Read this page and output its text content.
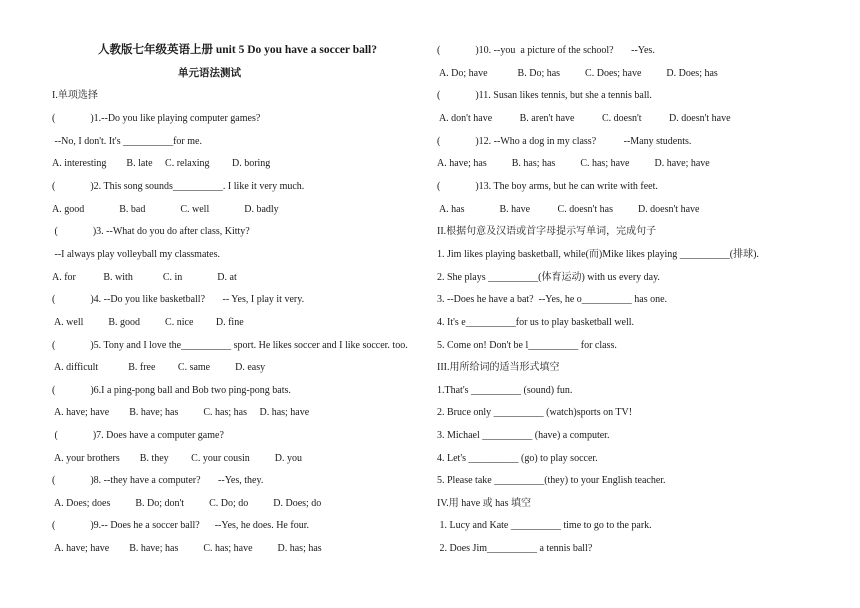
人教版七年级英语上册 unit 5 Do you have a soccer ball?
单元语法测试
I.单项选择
(              )1.--Do you like playing computer games?
--No, I don't. It's __________for me.
A. interesting        B. late     C. relaxing         D. boring
(              )2. This song sounds__________. I like it very much.
A. good              B. bad              C. well              D. badly
(              )3. --What do you do after class, Kitty?
--I always play volleyball my classmates.
A. for           B. with            C. in              D. at
(              )4. --Do you like basketball?       -- Yes, I play it very.
A. well          B. good          C. nice         D. fine
(              )5. Tony and I love the__________ sport. He likes soccer and I like soccer. too.
A. difficult            B. free         C. same          D. easy
(              )6.I a ping-pong ball and Bob two ping-pong bats.
A. have; have        B. have; has          C. has; has     D. has; have
(              )7. Does have a computer game?
A. your brothers        B. they         C. your cousin          D. you
(              )8. --they have a computer?       --Yes, they.
A. Does; does          B. Do; don't          C. Do; do          D. Does; do
(              )9.-- Does he a soccer ball?      --Yes, he does. He four.
A. have; have        B. have; has          C. has; have          D. has; has
(              )10. --you  a picture of the school?       --Yes.
A. Do; have            B. Do; has          C. Does; have          D. Does; has
(              )11. Susan likes tennis, but she a tennis ball.
A. don't have           B. aren't have           C. doesn't           D. doesn't have
(              )12. --Who a dog in my class?           --Many students.
A. have; has          B. has; has          C. has; have          D. have; have
(              )13. The boy arms, but he can write with feet.
A. has              B. have           C. doesn't has          D. doesn't have
II.根据句意及汉语或首字母提示写单词，完成句子
1. Jim likes playing basketball, while(而)Mike likes playing __________(排球).
2. She plays __________(体育运动) with us every day.
3. --Does he have a bat?  --Yes, he o__________ has one.
4. It's e__________for us to play basketball well.
5. Come on! Don't be l__________ for class.
III.用所给词的适当形式填空
1.That's __________ (sound) fun.
2. Bruce only __________ (watch)sports on TV!
3. Michael __________ (have) a computer.
4. Let's __________ (go) to play soccer.
5. Please take __________(they) to your English teacher.
IV.用 have 或 has 填空
1. Lucy and Kate __________ time to go to the park.
2. Does Jim__________ a tennis ball?
